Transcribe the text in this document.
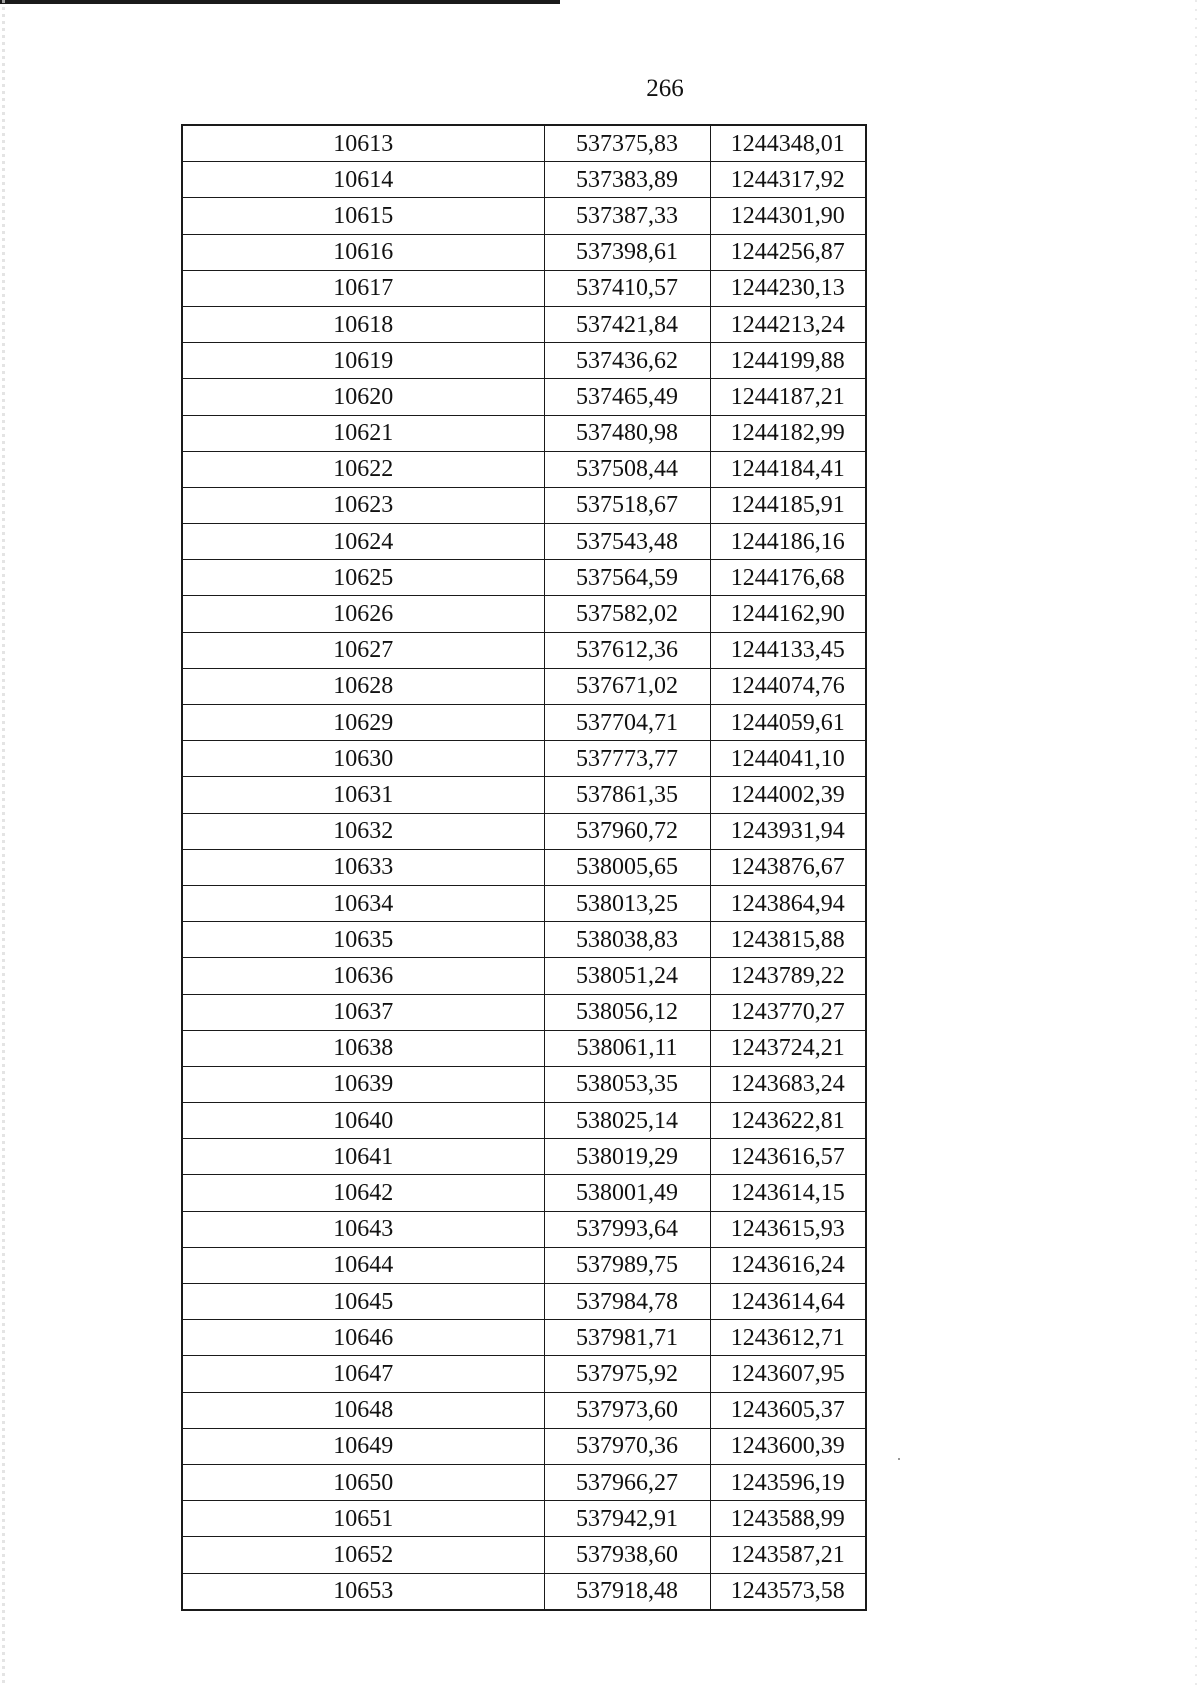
266
10613	537375,83	1244348,01
10614	537383,89	1244317,92
10615	537387,33	1244301,90
10616	537398,61	1244256,87
10617	537410,57	1244230,13
10618	537421,84	1244213,24
10619	537436,62	1244199,88
10620	537465,49	1244187,21
10621	537480,98	1244182,99
10622	537508,44	1244184,41
10623	537518,67	1244185,91
10624	537543,48	1244186,16
10625	537564,59	1244176,68
10626	537582,02	1244162,90
10627	537612,36	1244133,45
10628	537671,02	1244074,76
10629	537704,71	1244059,61
10630	537773,77	1244041,10
10631	537861,35	1244002,39
10632	537960,72	1243931,94
10633	538005,65	1243876,67
10634	538013,25	1243864,94
10635	538038,83	1243815,88
10636	538051,24	1243789,22
10637	538056,12	1243770,27
10638	538061,11	1243724,21
10639	538053,35	1243683,24
10640	538025,14	1243622,81
10641	538019,29	1243616,57
10642	538001,49	1243614,15
10643	537993,64	1243615,93
10644	537989,75	1243616,24
10645	537984,78	1243614,64
10646	537981,71	1243612,71
10647	537975,92	1243607,95
10648	537973,60	1243605,37
10649	537970,36	1243600,39
10650	537966,27	1243596,19
10651	537942,91	1243588,99
10652	537938,60	1243587,21
10653	537918,48	1243573,58
